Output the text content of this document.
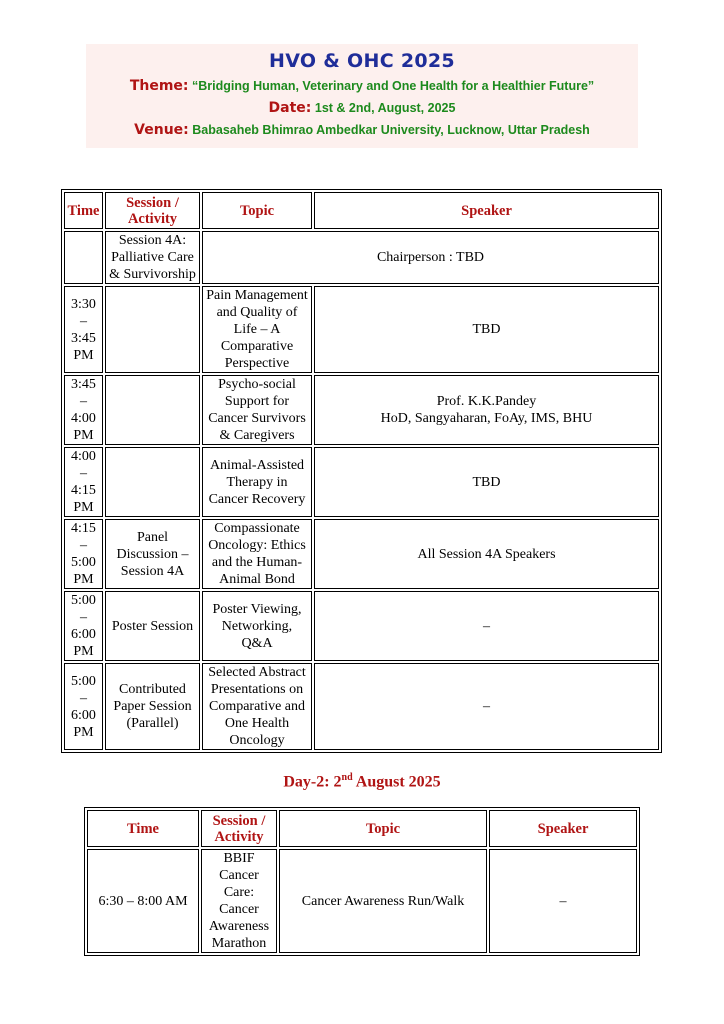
HVO & OHC 2025
Theme: “Bridging Human, Veterinary and One Health for a Healthier Future”
Date: 1st & 2nd, August, 2025
Venue: Babasaheb Bhimrao Ambedkar University, Lucknow, Uttar Pradesh
Time	Session / Activity	Topic	Speaker
	Session 4A: Palliative Care & Survivorship	Chairperson : TBD	
3:30 – 3:45 PM		Pain Management and Quality of Life – A Comparative Perspective	TBD
3:45 – 4:00 PM		Psycho-social Support for Cancer Survivors & Caregivers	Prof. K.K.Pandey
HoD, Sangyaharan, FoAy, IMS, BHU

4:00 – 4:15 PM		Animal-Assisted Therapy in Cancer Recovery	TBD
4:15 – 5:00 PM	Panel Discussion – Session 4A	Compassionate Oncology: Ethics and the Human-Animal Bond	All Session 4A Speakers
5:00 – 6:00 PM	Poster Session	Poster Viewing, Networking, Q&A	–
5:00 – 6:00 PM	Contributed Paper Session (Parallel)	Selected Abstract Presentations on Comparative and One Health Oncology	–
Day-2: 2nd August 2025
Time	Session / Activity	Topic	Speaker
6:30 – 8:00 AM	BBIF Cancer Care: Cancer Awareness Marathon	Cancer Awareness Run/Walk	–
